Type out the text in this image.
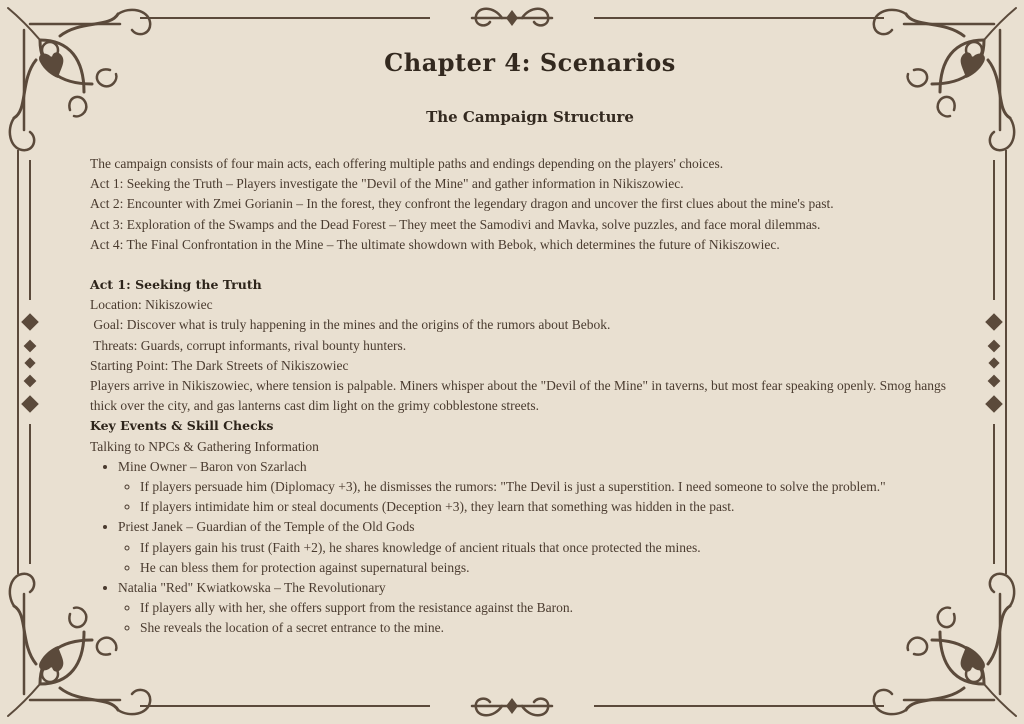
Chapter 4: Scenarios
The Campaign Structure

The campaign consists of four main acts, each offering multiple paths and endings depending on the players' choices.

Act 1: Seeking the Truth – Players investigate the "Devil of the Mine" and gather information in Nikiszowiec.

Act 2: Encounter with Zmei Gorianin – In the forest, they confront the legendary dragon and uncover the first clues about the mine's past.

Act 3: Exploration of the Swamps and the Dead Forest – They meet the Samodivi and Mavka, solve puzzles, and face moral dilemmas.

Act 4: The Final Confrontation in the Mine – The ultimate showdown with Bebok, which determines the future of Nikiszowiec.

Act 1: Seeking the Truth

Location: Nikiszowiec

Goal: Discover what is truly happening in the mines and the origins of the rumors about Bebok.

Threats: Guards, corrupt informants, rival bounty hunters.

Starting Point: The Dark Streets of Nikiszowiec

Players arrive in Nikiszowiec, where tension is palpable. Miners whisper about the "Devil of the Mine" in taverns, but most fear speaking openly. Smog hangs thick over the city, and gas lanterns cast dim light on the grimy cobblestone streets.

Key Events & Skill Checks

Talking to NPCs & Gathering Information

• Mine Owner – Baron von Szarlach
◦ If players persuade him (Diplomacy +3), he dismisses the rumors: "The Devil is just a superstition. I need someone to solve the problem."
◦ If players intimidate him or steal documents (Deception +3), they learn that something was hidden in the past.
• Priest Janek – Guardian of the Temple of the Old Gods
◦ If players gain his trust (Faith +2), he shares knowledge of ancient rituals that once protected the mines.
◦ He can bless them for protection against supernatural beings.
• Natalia "Red" Kwiatkowska – The Revolutionary
◦ If players ally with her, she offers support from the resistance against the Baron.
◦ She reveals the location of a secret entrance to the mine.
